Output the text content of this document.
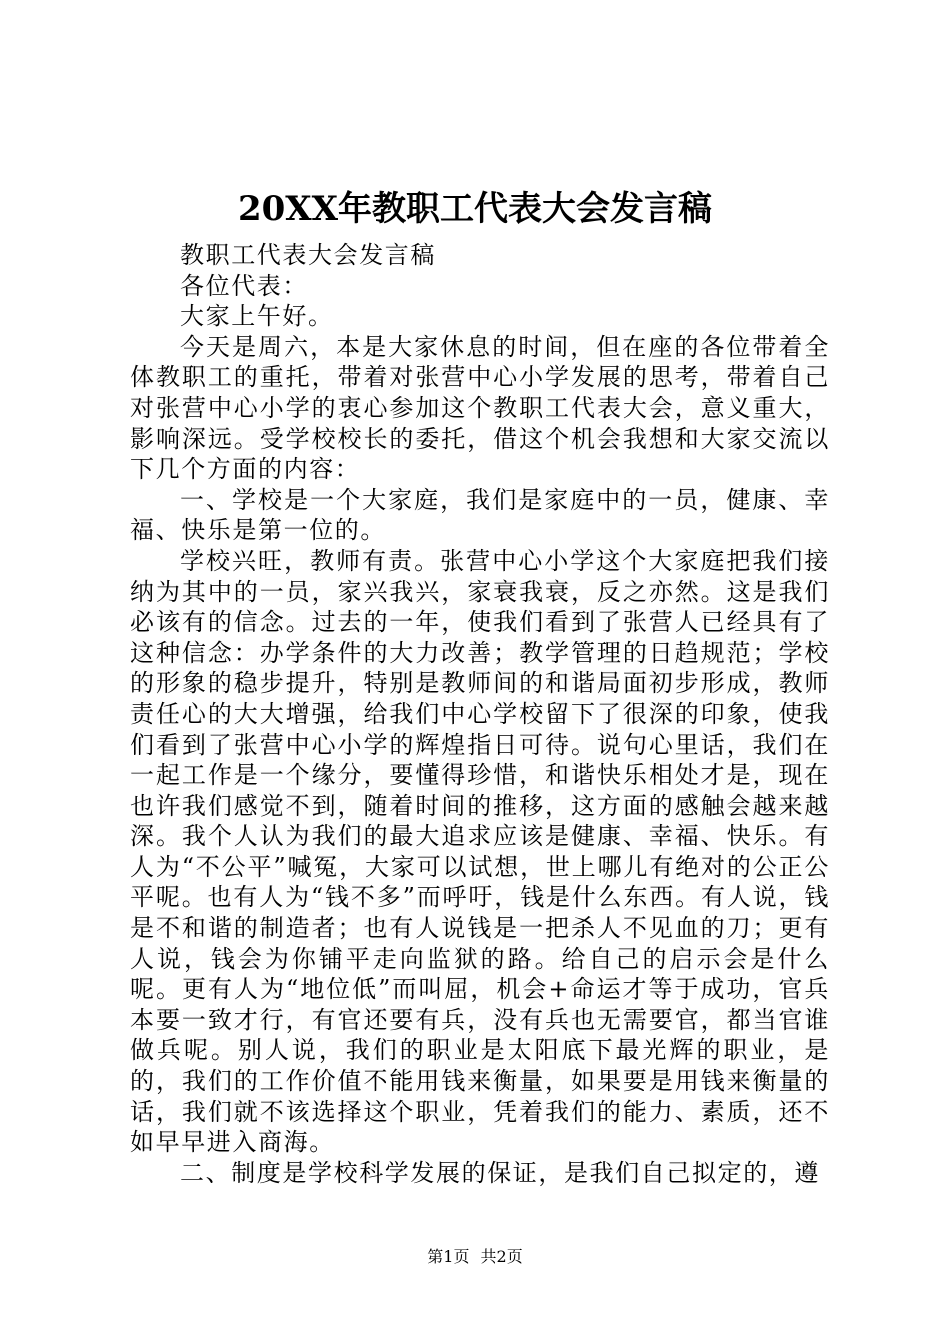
20XX年教职工代表大会发言稿

教职工代表大会发言稿

各位代表：

大家上午好。

今天是周六，本是大家休息的时间，但在座的各位带着全体教职工的重托，带着对张营中心小学发展的思考，带着自己对张营中心小学的衷心参加这个教职工代表大会，意义重大，影响深远。受学校校长的委托，借这个机会我想和大家交流以下几个方面的内容：

一、学校是一个大家庭，我们是家庭中的一员，健康、幸福、快乐是第一位的。

学校兴旺，教师有责。张营中心小学这个大家庭把我们接纳为其中的一员，家兴我兴，家衰我衰，反之亦然。这是我们必该有的信念。过去的一年，使我们看到了张营人已经具有了这种信念：办学条件的大力改善；教学管理的日趋规范；学校的形象的稳步提升，特别是教师间的和谐局面初步形成，教师责任心的大大增强，给我们中心学校留下了很深的印象，使我们看到了张营中心小学的辉煌指日可待。说句心里话，我们在一起工作是一个缘分，要懂得珍惜，和谐快乐相处才是，现在也许我们感觉不到，随着时间的推移，这方面的感触会越来越深。我个人认为我们的最大追求应该是健康、幸福、快乐。有人为“不公平”喊冤，大家可以试想，世上哪儿有绝对的公正公平呢。也有人为“钱不多”而呼吁，钱是什么东西。有人说，钱是不和谐的制造者；也有人说钱是一把杀人不见血的刀；更有人说，钱会为你铺平走向监狱的路。给自己的启示会是什么呢。更有人为“地位低”而叫屈，机会+命运才等于成功，官兵本要一致才行，有官还要有兵，没有兵也无需要官，都当官谁做兵呢。别人说，我们的职业是太阳底下最光辉的职业，是的，我们的工作价值不能用钱来衡量，如果要是用钱来衡量的话，我们就不该选择这个职业，凭着我们的能力、素质，还不如早早进入商海。

二、制度是学校科学发展的保证，是我们自己拟定的，遵

第1页 共2页
